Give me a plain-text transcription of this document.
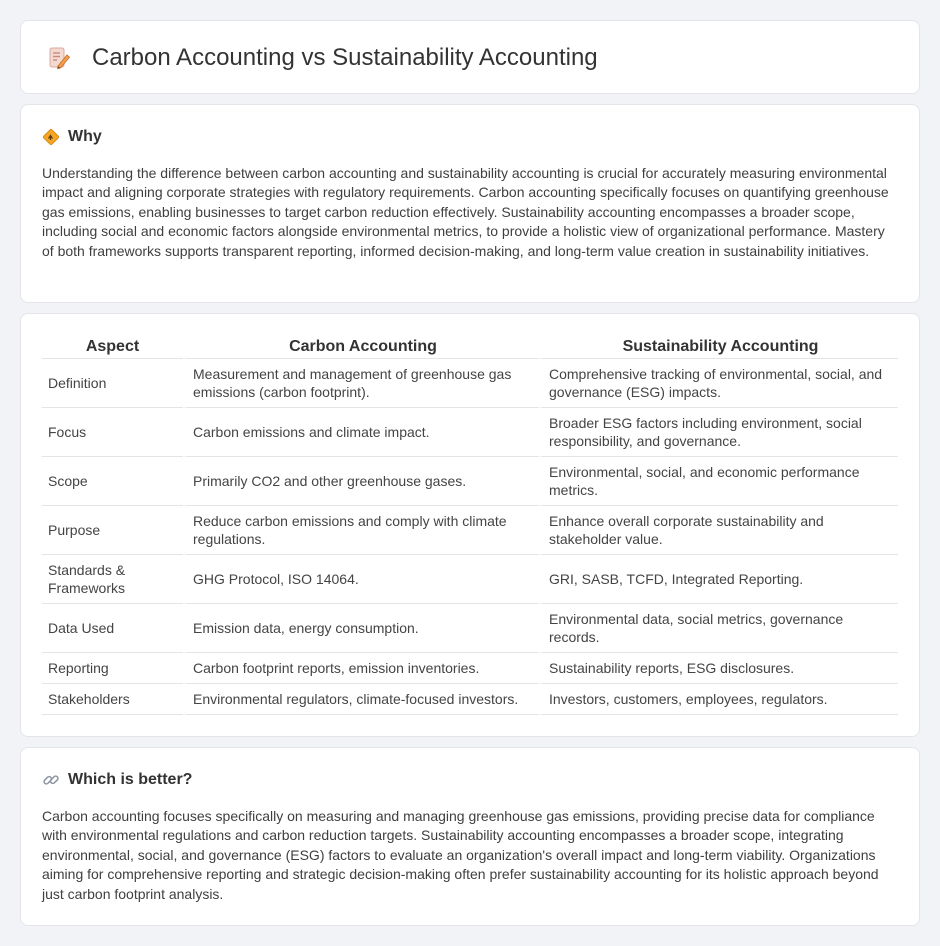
Carbon Accounting vs Sustainability Accounting
Why

Understanding the difference between carbon accounting and sustainability accounting is crucial for accurately measuring environmental impact and aligning corporate strategies with regulatory requirements. Carbon accounting specifically focuses on quantifying greenhouse gas emissions, enabling businesses to target carbon reduction effectively. Sustainability accounting encompasses a broader scope, including social and economic factors alongside environmental metrics, to provide a holistic view of organizational performance. Mastery of both frameworks supports transparent reporting, informed decision-making, and long-term value creation in sustainability initiatives.

Aspect	Carbon Accounting	Sustainability Accounting
Definition	Measurement and management of greenhouse gas emissions (carbon footprint).	Comprehensive tracking of environmental, social, and governance (ESG) impacts.
Focus	Carbon emissions and climate impact.	Broader ESG factors including environment, social responsibility, and governance.
Scope	Primarily CO2 and other greenhouse gases.	Environmental, social, and economic performance metrics.
Purpose	Reduce carbon emissions and comply with climate regulations.	Enhance overall corporate sustainability and stakeholder value.
Standards & Frameworks	GHG Protocol, ISO 14064.	GRI, SASB, TCFD, Integrated Reporting.
Data Used	Emission data, energy consumption.	Environmental data, social metrics, governance records.
Reporting	Carbon footprint reports, emission inventories.	Sustainability reports, ESG disclosures.
Stakeholders	Environmental regulators, climate-focused investors.	Investors, customers, employees, regulators.
Which is better?

Carbon accounting focuses specifically on measuring and managing greenhouse gas emissions, providing precise data for compliance with environmental regulations and carbon reduction targets. Sustainability accounting encompasses a broader scope, integrating environmental, social, and governance (ESG) factors to evaluate an organization's overall impact and long-term viability. Organizations aiming for comprehensive reporting and strategic decision-making often prefer sustainability accounting for its holistic approach beyond just carbon footprint analysis.
